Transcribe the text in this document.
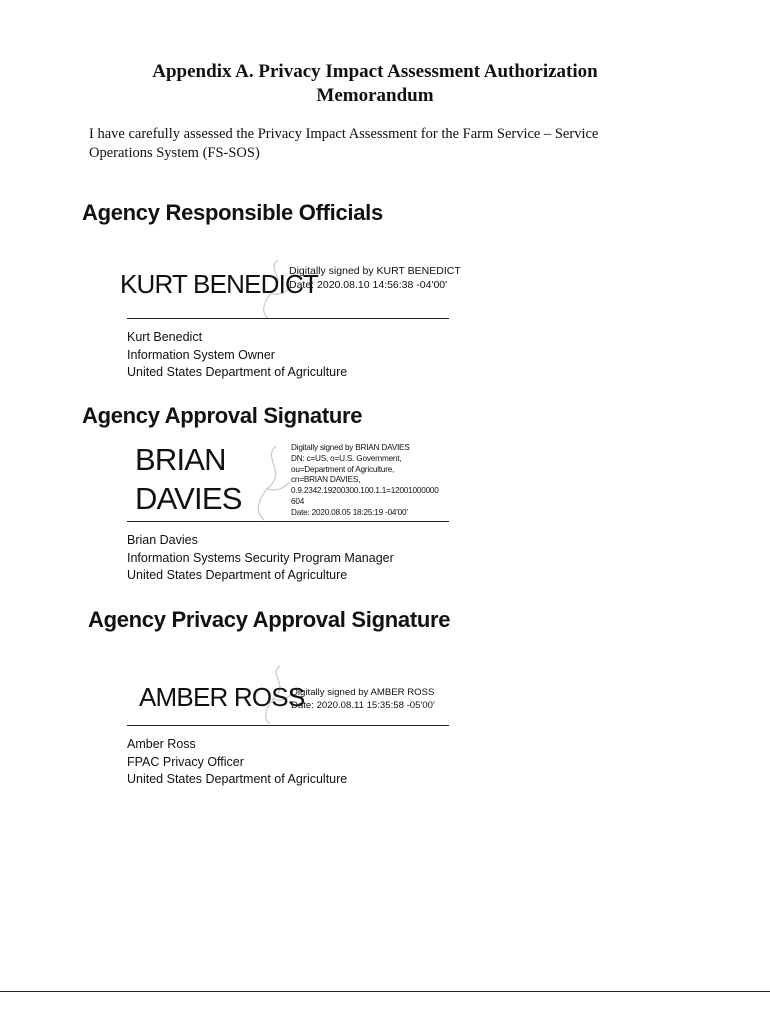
Appendix A. Privacy Impact Assessment Authorization Memorandum
I have carefully assessed the Privacy Impact Assessment for the Farm Service – Service Operations System (FS-SOS)
Agency Responsible Officials
KURT BENEDICT
Digitally signed by KURT BENEDICT
Date: 2020.08.10 14:56:38 -04'00'
Kurt Benedict
Information System Owner
United States Department of Agriculture
Agency Approval Signature
BRIAN DAVIES
Digitally signed by BRIAN DAVIES
DN: c=US, o=U.S. Government,
ou=Department of Agriculture,
cn=BRIAN DAVIES,
0.9.2342.19200300.100.1.1=12001000000
604
Date: 2020.08.05 18:25:19 -04'00'
Brian Davies
Information Systems Security Program Manager
United States Department of Agriculture
Agency Privacy Approval Signature
AMBER ROSS
Digitally signed by AMBER ROSS
Date: 2020.08.11 15:35:58 -05'00'
Amber Ross
FPAC Privacy Officer
United States Department of Agriculture
